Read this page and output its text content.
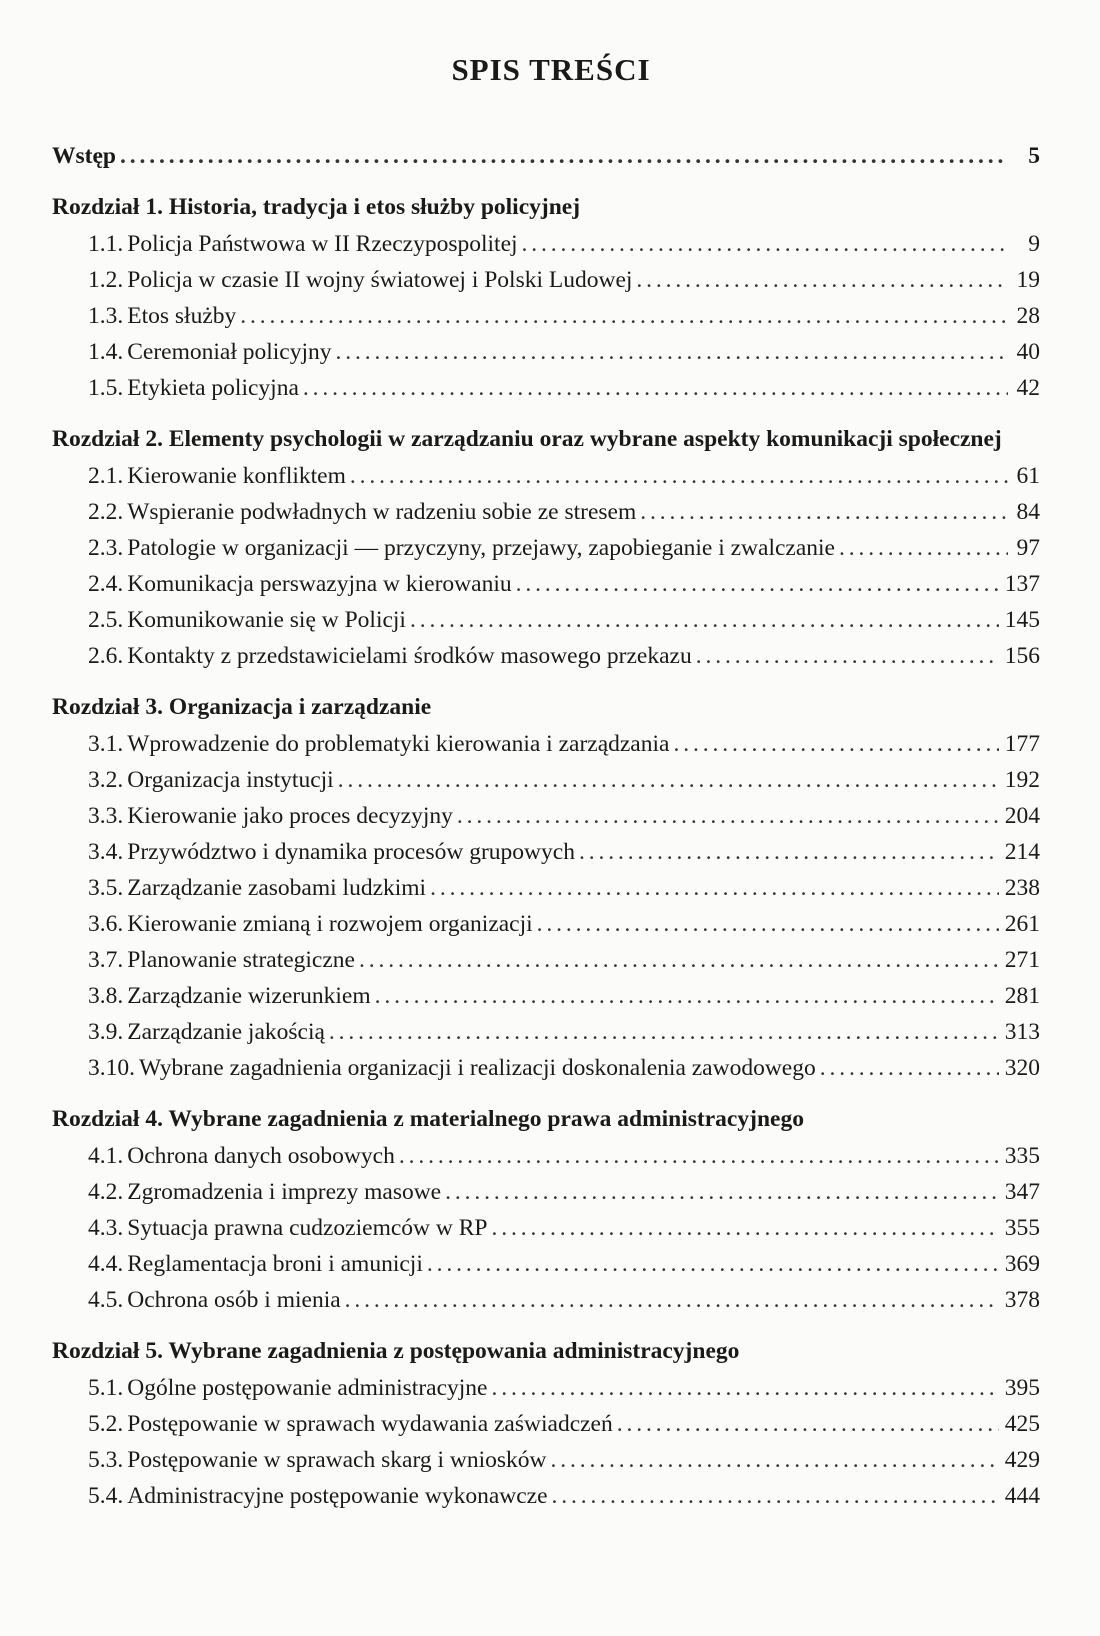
SPIS TREŚCI
Wstęp . . .	5
Rozdział 1. Historia, tradycja i etos służby policyjnej
1.1. Policja Państwowa w II Rzeczypospolitej . . .	9
1.2. Policja w czasie II wojny światowej i Polski Ludowej . . .	19
1.3. Etos służby . . .	28
1.4. Ceremoniał policyjny . . .	40
1.5. Etykieta policyjna . . .	42
Rozdział 2. Elementy psychologii w zarządzaniu oraz wybrane aspekty komunikacji społecznej
2.1. Kierowanie konfliktem . . .	61
2.2. Wspieranie podwładnych w radzeniu sobie ze stresem . . .	84
2.3. Patologie w organizacji — przyczyny, przejawy, zapobieganie i zwalczanie . . .	97
2.4. Komunikacja perswazyjna w kierowaniu . . .	137
2.5. Komunikowanie się w Policji . . .	145
2.6. Kontakty z przedstawicielami środków masowego przekazu . . .	156
Rozdział 3. Organizacja i zarządzanie
3.1. Wprowadzenie do problematyki kierowania i zarządzania . . .	177
3.2. Organizacja instytucji . . .	192
3.3. Kierowanie jako proces decyzyjny . . .	204
3.4. Przywództwo i dynamika procesów grupowych . . .	214
3.5. Zarządzanie zasobami ludzkimi . . .	238
3.6. Kierowanie zmianą i rozwojem organizacji . . .	261
3.7. Planowanie strategiczne . . .	271
3.8. Zarządzanie wizerunkiem . . .	281
3.9. Zarządzanie jakością . . .	313
3.10. Wybrane zagadnienia organizacji i realizacji doskonalenia zawodowego . . .	320
Rozdział 4. Wybrane zagadnienia z materialnego prawa administracyjnego
4.1. Ochrona danych osobowych . . .	335
4.2. Zgromadzenia i imprezy masowe . . .	347
4.3. Sytuacja prawna cudzoziemców w RP . . .	355
4.4. Reglamentacja broni i amunicji . . .	369
4.5. Ochrona osób i mienia . . .	378
Rozdział 5. Wybrane zagadnienia z postępowania administracyjnego
5.1. Ogólne postępowanie administracyjne . . .	395
5.2. Postępowanie w sprawach wydawania zaświadczeń . . .	425
5.3. Postępowanie w sprawach skarg i wniosków . . .	429
5.4. Administracyjne postępowanie wykonawcze . . .	444
